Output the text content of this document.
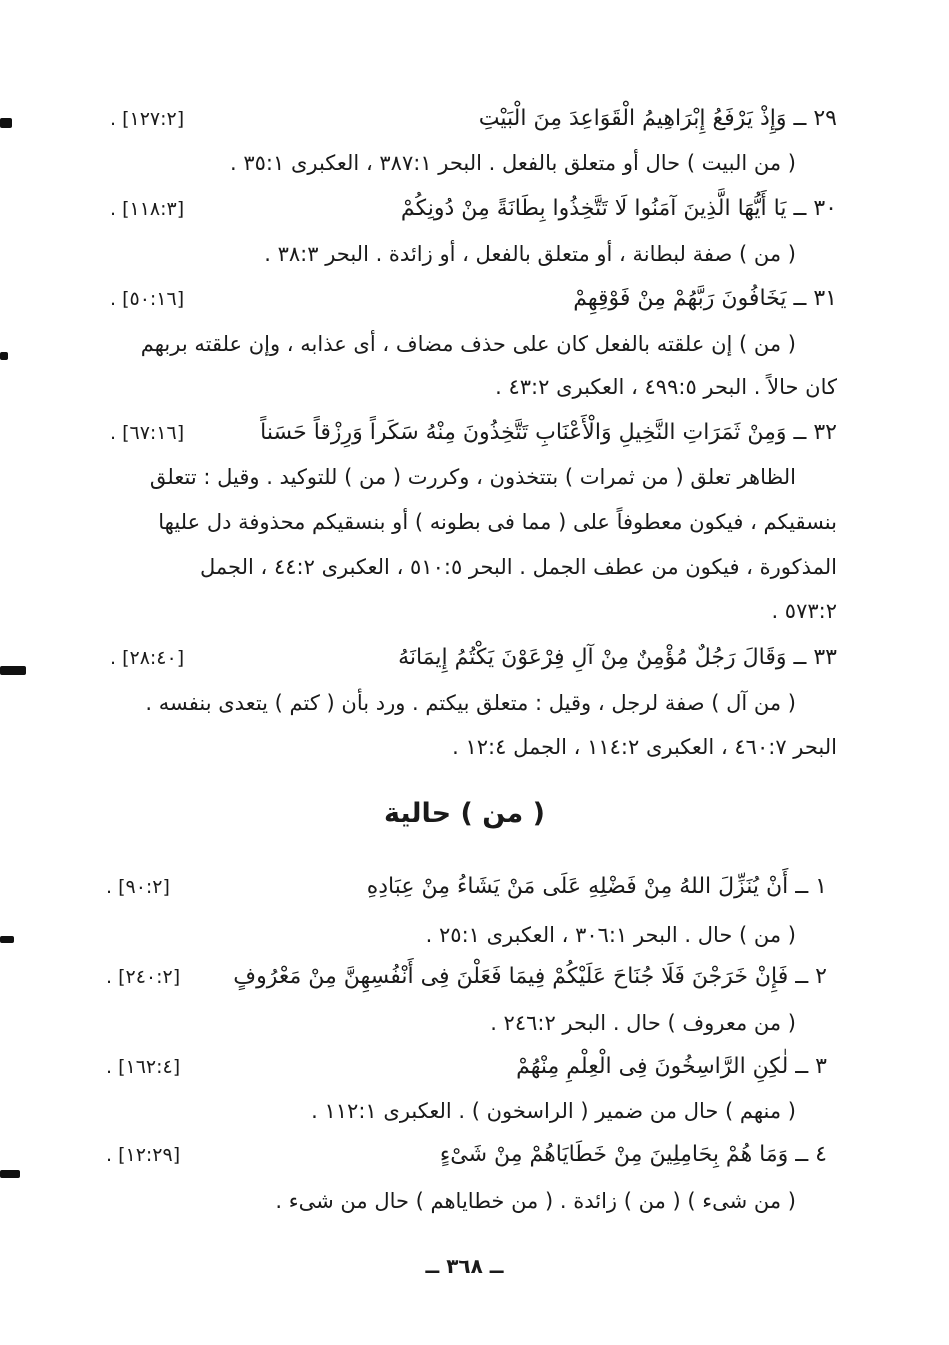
٢٩ ــ وَإِذْ يَرْفَعُ إِبْرَاهِيمُ الْقَوَاعِدَ مِنَ الْبَيْتِ
[١٢٧:٢] .
( من البيت ) حال أو متعلق بالفعل . البحر ٣٨٧:١ ، العكبرى ٣٥:١ .
٣٠ ــ يَا أَيُّهَا الَّذِينَ آمَنُوا لَا تَتَّخِذُوا بِطَانَةً مِنْ دُونِكُمْ
[١١٨:٣] .
( من ) صفة لبطانة ، أو متعلق بالفعل ، أو زائدة . البحر ٣٨:٣ .
٣١ ــ يَخَافُونَ رَبَّهُمْ مِنْ فَوْقِهِمْ
[٥٠:١٦] .
( من ) إن علقته بالفعل كان على حذف مضاف ، أى عذابه ، وإن علقته بربهم
كان حالاً . البحر ٤٩٩:٥ ، العكبرى ٤٣:٢ .
٣٢ ــ وَمِنْ ثَمَرَاتِ النَّخِيلِ وَالْأَعْنَابِ تَتَّخِذُونَ مِنْهُ سَكَراً وَرِزْقاً حَسَناً
[٦٧:١٦] .
الظاهر تعلق ( من ثمرات ) بتتخذون ، وكررت ( من ) للتوكيد . وقيل : تتعلق
بنسقيكم ، فيكون معطوفاً على ( مما فى بطونه ) أو بنسقيكم محذوفة دل عليها
المذكورة ، فيكون من عطف الجمل . البحر ٥١٠:٥ ، العكبرى ٤٤:٢ ، الجمل
٥٧٣:٢ .
٣٣ ــ وَقَالَ رَجُلٌ مُؤْمِنٌ مِنْ آلِ فِرْعَوْنَ يَكْتُمُ إِيمَانَهُ
[٢٨:٤٠] .
( من آل ) صفة لرجل ، وقيل : متعلق بيكتم . ورد بأن ( كتم ) يتعدى بنفسه .
البحر ٤٦٠:٧ ، العكبرى ١١٤:٢ ، الجمل ١٢:٤ .
( من ) حالية
١ ــ أَنْ يُنَزِّلَ اللهُ مِنْ فَضْلِهِ عَلَى مَنْ يَشَاءُ مِنْ عِبَادِهِ
[٩٠:٢] .
( من ) حال . البحر ٣٠٦:١ ، العكبرى ٢٥:١ .
٢ ــ فَإِنْ خَرَجْنَ فَلَا جُنَاحَ عَلَيْكُمْ فِيمَا فَعَلْنَ فِى أَنْفُسِهِنَّ مِنْ مَعْرُوفٍ
[٢٤٠:٢] .
( من معروف ) حال . البحر ٢٤٦:٢ .
٣ ــ لٰكِنِ الرَّاسِخُونَ فِى الْعِلْمِ مِنْهُمْ
[١٦٢:٤] .
( منهم ) حال من ضمير ( الراسخون ) . العكبرى ١١٢:١ .
٤ ــ وَمَا هُمْ بِحَامِلِينَ مِنْ خَطَايَاهُمْ مِنْ شَىْءٍ
[١٢:٢٩] .
( من شىء ) ( من ) زائدة . ( من خطاياهم ) حال من شىء .
ــ ٣٦٨ ــ
